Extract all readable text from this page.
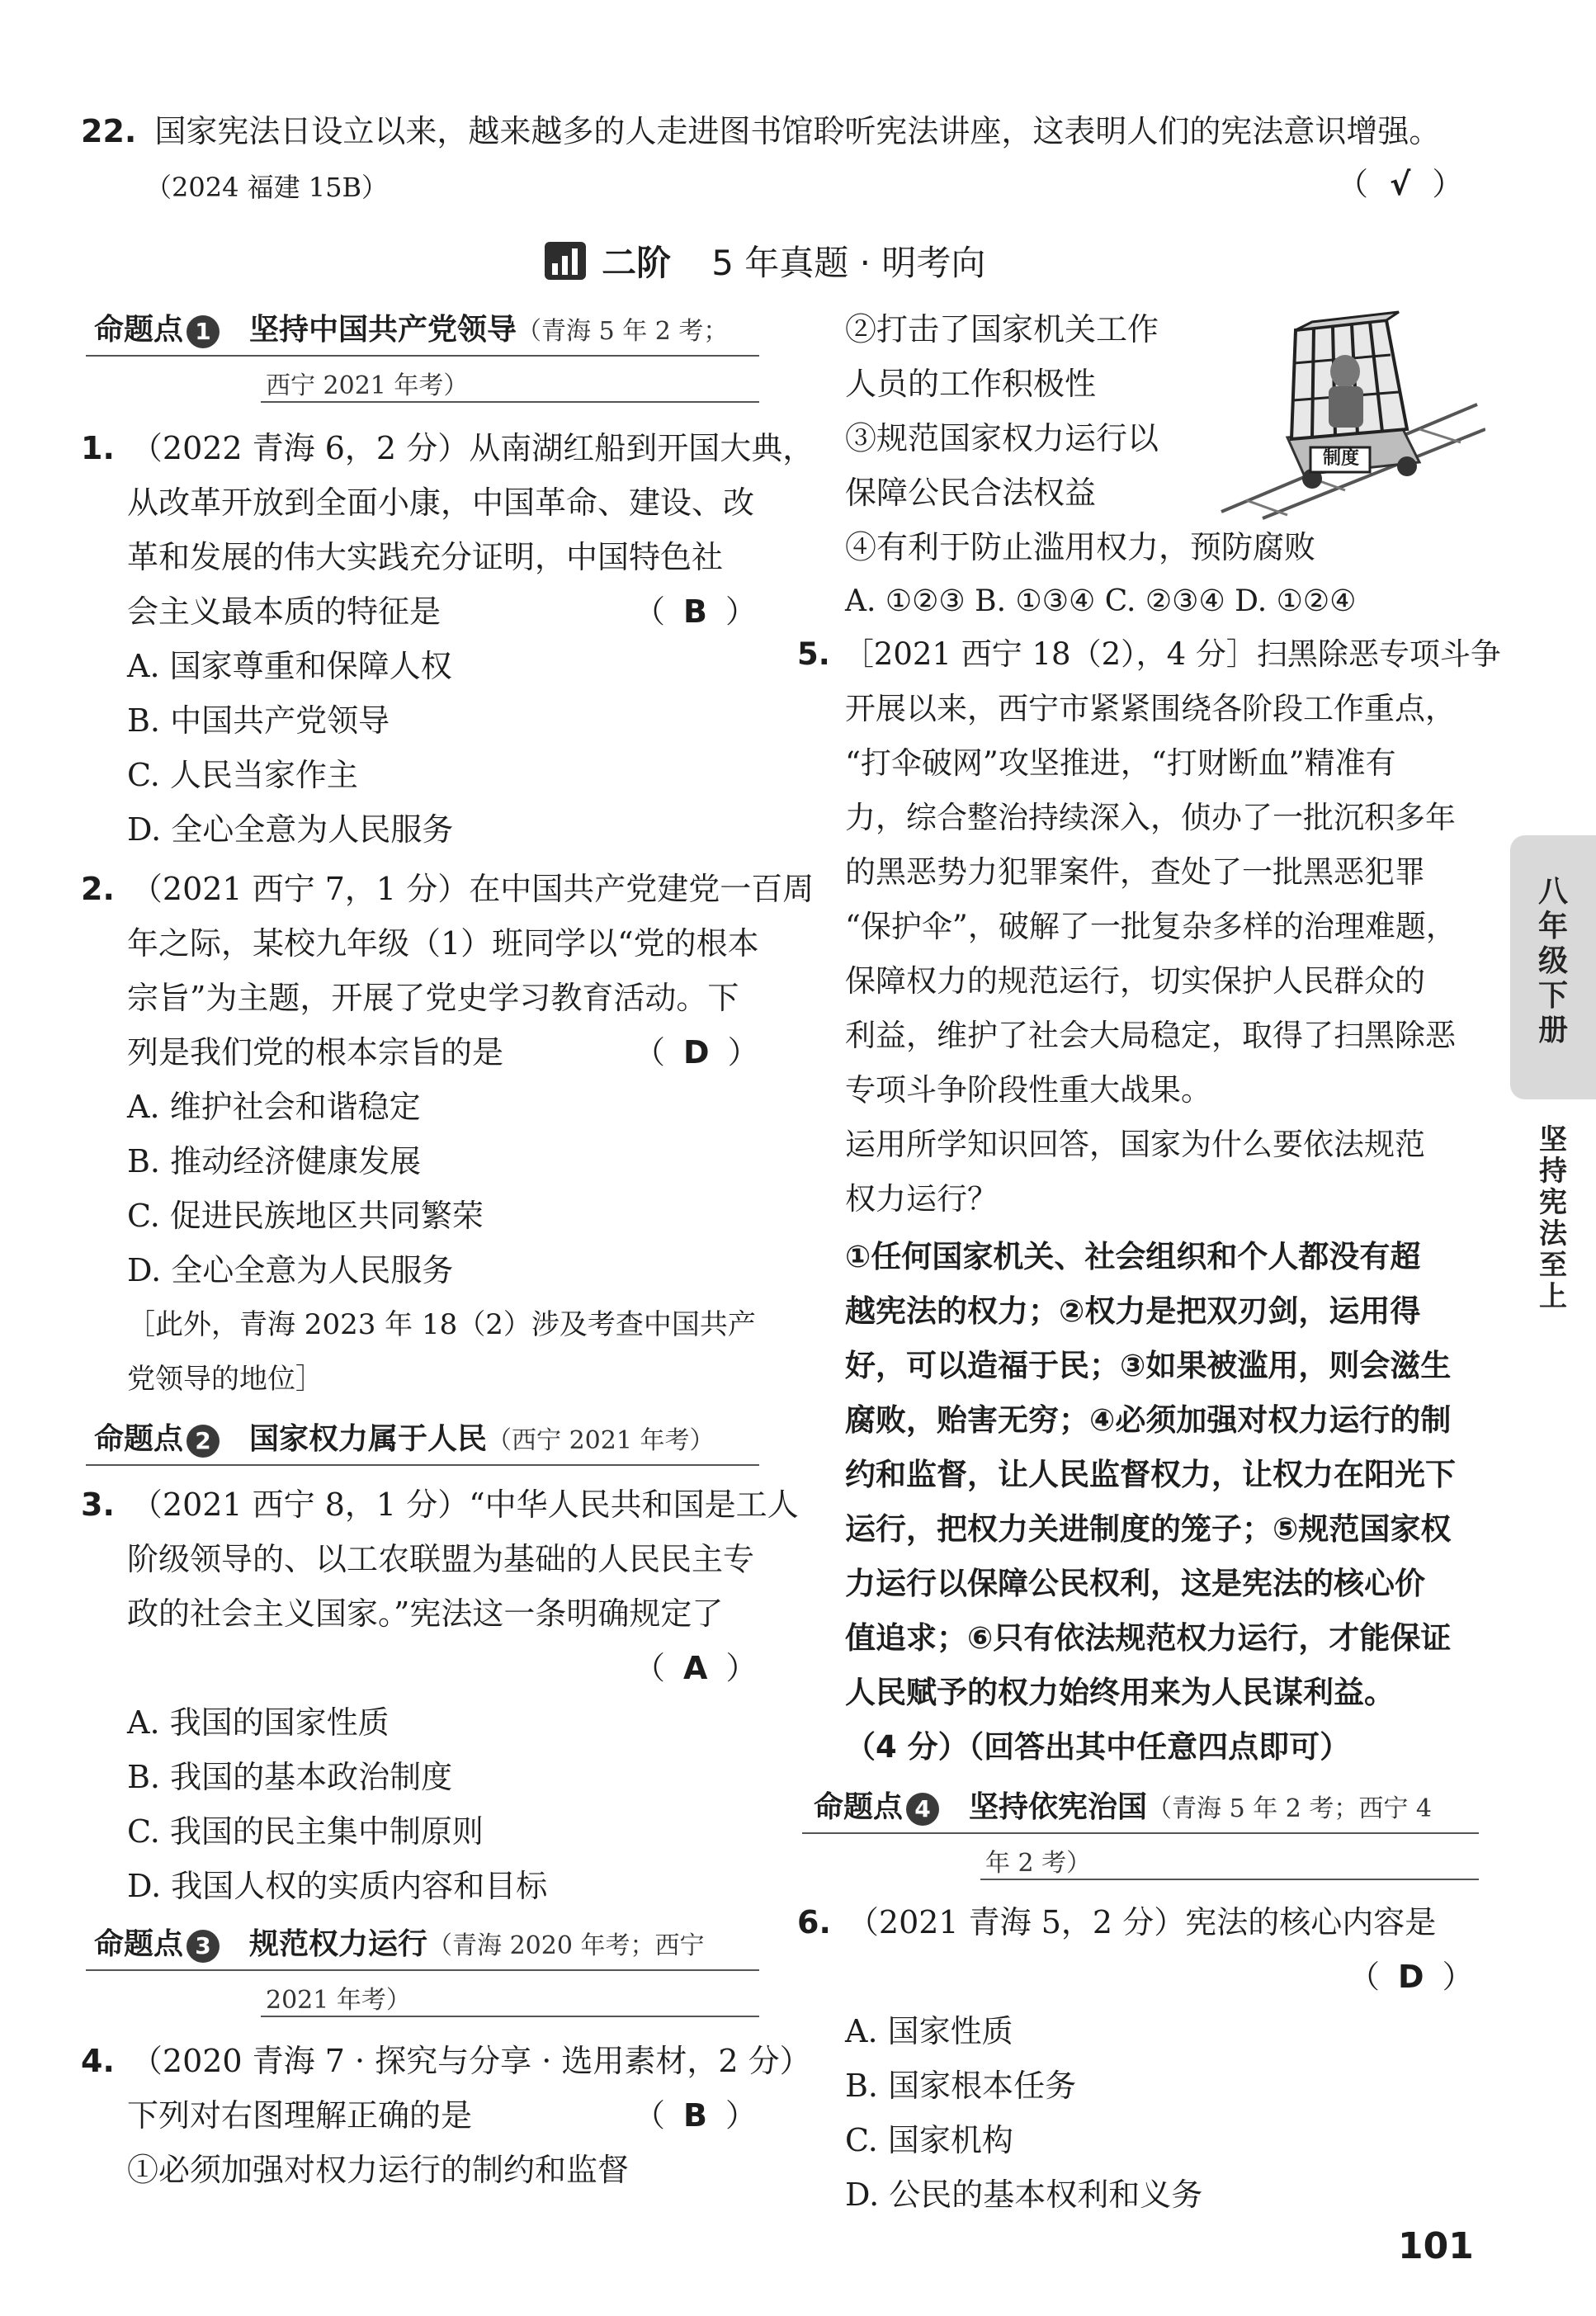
22. 国家宪法日设立以来，越来越多的人走进图书馆聆听宪法讲座，这表明人们的宪法意识增强。
（2024 福建 15B）	（ √ ）
二阶 5 年真题 · 明考向
命题点 1 坚持中国共产党领导（青海 5 年 2 考；
西宁 2021 年考）
1. （2022 青海 6，2 分）从南湖红船到开国大典，
从改革开放到全面小康，中国革命、建设、改
革和发展的伟大实践充分证明，中国特色社
会主义最本质的特征是	（ B ）
A. 国家尊重和保障人权
B. 中国共产党领导
C. 人民当家作主
D. 全心全意为人民服务
2. （2021 西宁 7，1 分）在中国共产党建党一百周
年之际，某校九年级（1）班同学以“党的根本
宗旨”为主题，开展了党史学习教育活动。下
列是我们党的根本宗旨的是	（ D ）
A. 维护社会和谐稳定
B. 推动经济健康发展
C. 促进民族地区共同繁荣
D. 全心全意为人民服务
［此外，青海 2023 年 18（2）涉及考查中国共产
党领导的地位］
命题点 2 国家权力属于人民（西宁 2021 年考）
3. （2021 西宁 8，1 分）“中华人民共和国是工人
阶级领导的、以工农联盟为基础的人民民主专
政的社会主义国家。”宪法这一条明确规定了
（ A ）
A. 我国的国家性质
B. 我国的基本政治制度
C. 我国的民主集中制原则
D. 我国人权的实质内容和目标
命题点 3 规范权力运行（青海 2020 年考；西宁
2021 年考）
4. （2020 青海 7 · 探究与分享 · 选用素材，2 分）
下列对右图理解正确的是	（ B ）
①必须加强对权力运行的制约和监督
②打击了国家机关工作
人员的工作积极性
③规范国家权力运行以
保障公民合法权益
④有利于防止滥用权力，预防腐败
A. ①②③ B. ①③④ C. ②③④ D. ①②④
制度
5. ［2021 西宁 18（2），4 分］扫黑除恶专项斗争
开展以来，西宁市紧紧围绕各阶段工作重点，
“打伞破网”攻坚推进，“打财断血”精准有
力，综合整治持续深入，侦办了一批沉积多年
的黑恶势力犯罪案件，查处了一批黑恶犯罪
“保护伞”，破解了一批复杂多样的治理难题，
保障权力的规范运行，切实保护人民群众的
利益，维护了社会大局稳定，取得了扫黑除恶
专项斗争阶段性重大战果。
运用所学知识回答，国家为什么要依法规范
权力运行？
①任何国家机关、社会组织和个人都没有超
越宪法的权力；②权力是把双刃剑，运用得
好，可以造福于民；③如果被滥用，则会滋生
腐败，贻害无穷；④必须加强对权力运行的制
约和监督，让人民监督权力，让权力在阳光下
运行，把权力关进制度的笼子；⑤规范国家权
力运行以保障公民权利，这是宪法的核心价
值追求；⑥只有依法规范权力运行，才能保证
人民赋予的权力始终用来为人民谋利益。
（4 分）（回答出其中任意四点即可）
命题点 4 坚持依宪治国（青海 5 年 2 考；西宁 4
年 2 考）
6. （2021 青海 5，2 分）宪法的核心内容是
（ D ）
A. 国家性质
B. 国家根本任务
C. 国家机构
D. 公民的基本权利和义务
八
年
级
下
册
坚
持
宪
法
至
上
101
